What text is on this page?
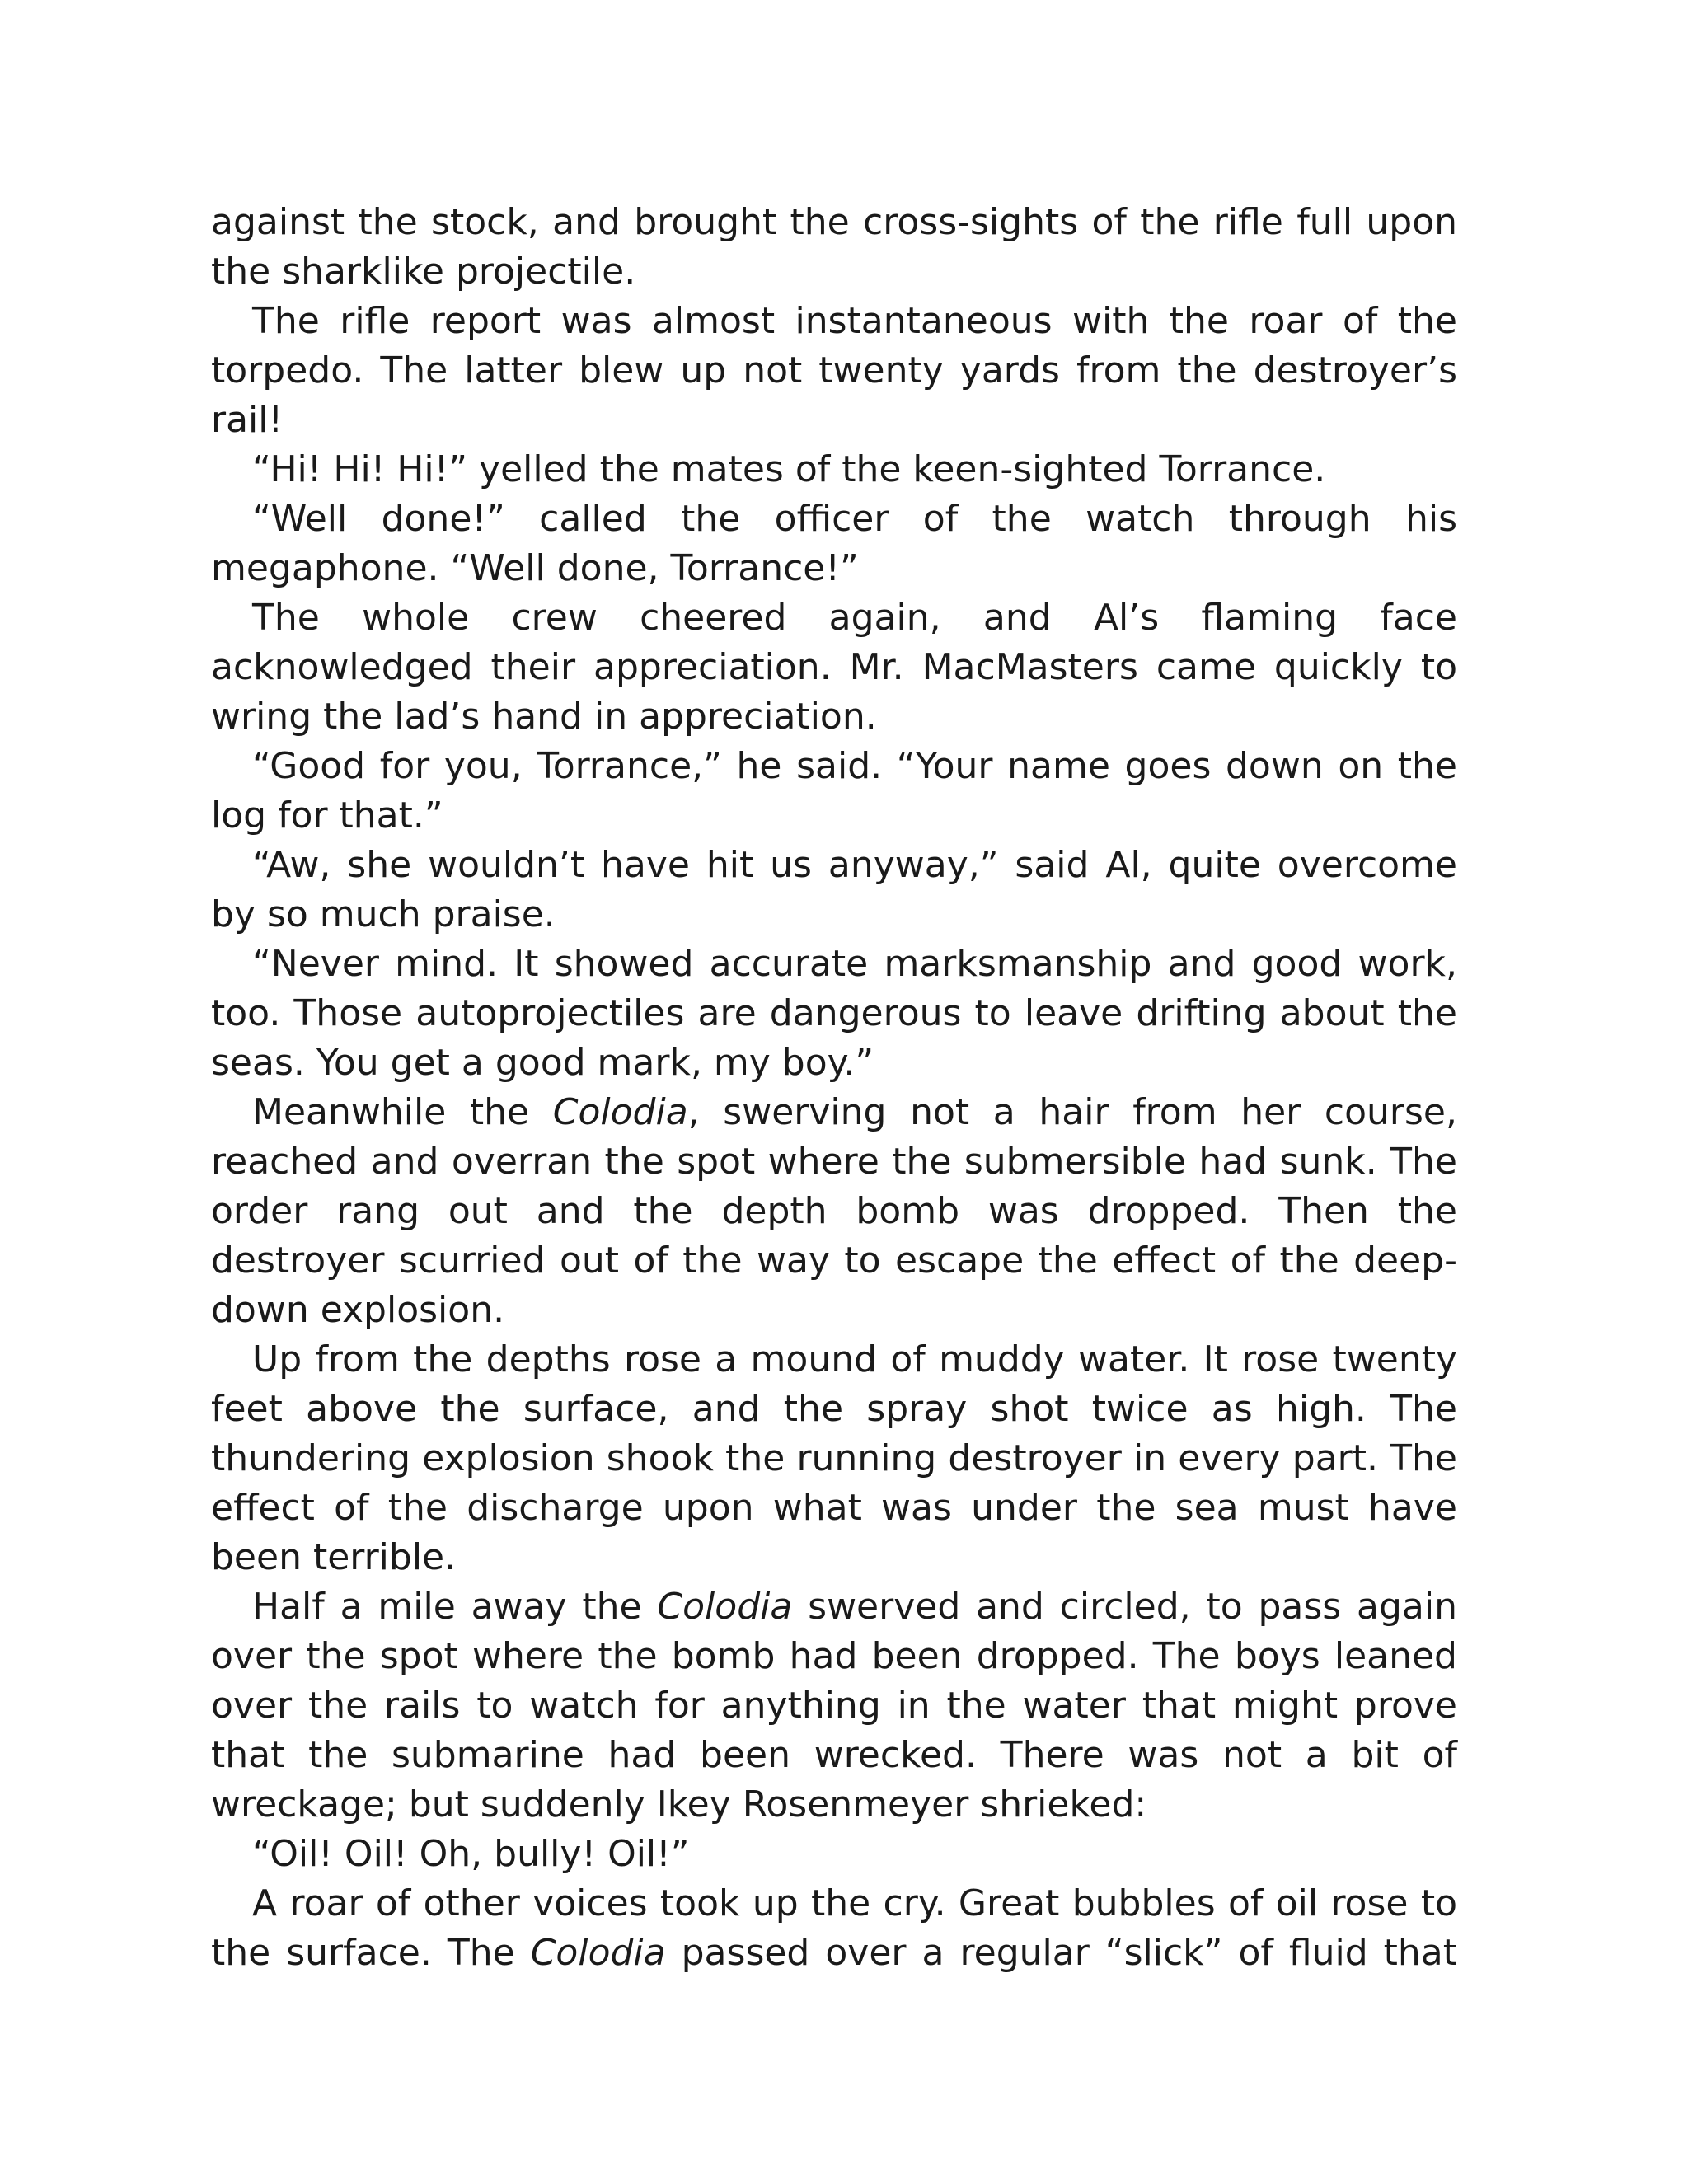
against the stock, and brought the cross-sights of the rifle full upon the sharklike projectile.

The rifle report was almost instantaneous with the roar of the torpedo. The latter blew up not twenty yards from the destroyer’s rail!

“Hi! Hi! Hi!” yelled the mates of the keen-sighted Torrance.

“Well done!” called the officer of the watch through his megaphone. “Well done, Torrance!”

The whole crew cheered again, and Al’s flaming face acknowledged their appreciation. Mr. MacMasters came quickly to wring the lad’s hand in appreciation.

“Good for you, Torrance,” he said. “Your name goes down on the log for that.”

“Aw, she wouldn’t have hit us anyway,” said Al, quite overcome by so much praise.

“Never mind. It showed accurate marksmanship and good work, too. Those autoprojectiles are dangerous to leave drifting about the seas. You get a good mark, my boy.”

Meanwhile the Colodia, swerving not a hair from her course, reached and overran the spot where the submersible had sunk. The order rang out and the depth bomb was dropped. Then the destroyer scurried out of the way to escape the effect of the deep-down explosion.

Up from the depths rose a mound of muddy water. It rose twenty feet above the surface, and the spray shot twice as high. The thundering explosion shook the running destroyer in every part. The effect of the discharge upon what was under the sea must have been terrible.

Half a mile away the Colodia swerved and circled, to pass again over the spot where the bomb had been dropped. The boys leaned over the rails to watch for anything in the water that might prove that the submarine had been wrecked. There was not a bit of wreckage; but suddenly Ikey Rosenmeyer shrieked:

“Oil! Oil! Oh, bully! Oil!”

A roar of other voices took up the cry. Great bubbles of oil rose to the surface. The Colodia passed over a regular “slick” of fluid that
